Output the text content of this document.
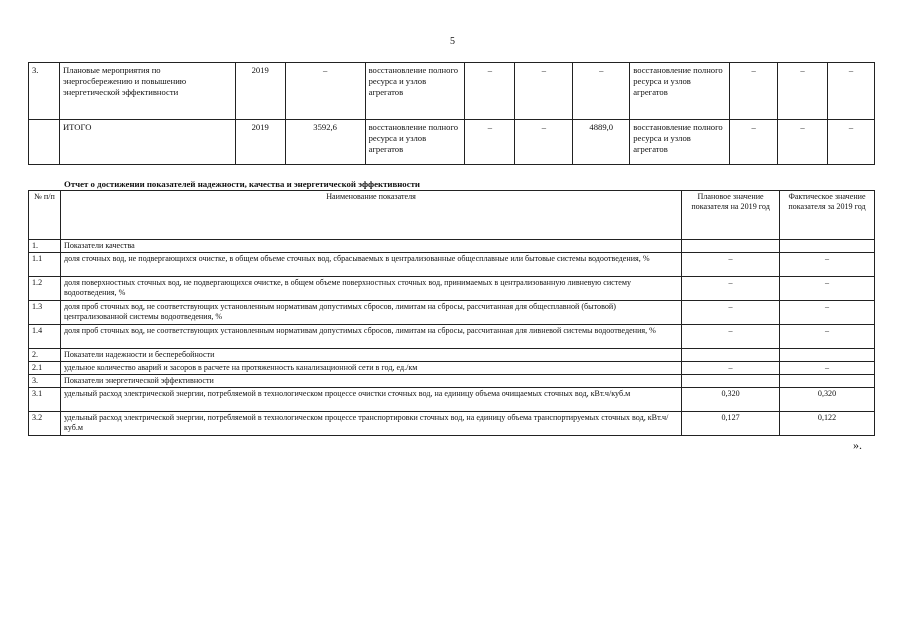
5
3.	Плановые мероприятия по энергосбережению и повышению энергетической эффективности	2019	–	восстановление полного ресурса и узлов агрегатов	–	–	–	восстановление полного ресурса и узлов агрегатов	–	–	–
	ИТОГО	2019	3592,6	восстановление полного ресурса и узлов агрегатов	–	–	4889,0	восстановление полного ресурса и узлов агрегатов	–	–	–
Отчет о достижении показателей надежности, качества и энергетической эффективности
№ п/п	Наименование показателя	Плановое значение показателя на 2019 год	Фактическое значение показателя за 2019 год
1.	Показатели качества		
1.1	доля сточных вод, не подвергающихся очистке, в общем объеме сточных вод, сбрасываемых в централизованные общесплавные или бытовые системы водоотведения, %	–	–
1.2	доля поверхностных сточных вод, не подвергающихся очистке, в общем объеме поверхностных сточных вод, принимаемых в централизованную ливневую систему водоотведения, %	–	–
1.3	доля проб сточных вод, не соответствующих установленным нормативам допустимых сбросов, лимитам на сбросы, рассчитанная для общесплавной (бытовой) централизованной системы водоотведения, %	–	–
1.4	доля проб сточных вод, не соответствующих установленным нормативам допустимых сбросов, лимитам на сбросы, рассчитанная для ливневой системы водоотведения, %	–	–
2.	Показатели надежности и бесперебойности		
2.1	удельное количество аварий и засоров в расчете на протяженность канализационной сети в год, ед./км	–	–
3.	Показатели энергетической эффективности		
3.1	удельный расход электрической энергии, потребляемой в технологическом процессе очистки сточных вод, на единицу объема очищаемых сточных вод, кВт.ч/куб.м	0,320	0,320
3.2	удельный расход электрической энергии, потребляемой в технологическом процессе транспортировки сточных вод, на единицу объема транспортируемых сточных вод, кВт.ч/куб.м	0,127	0,122
».
